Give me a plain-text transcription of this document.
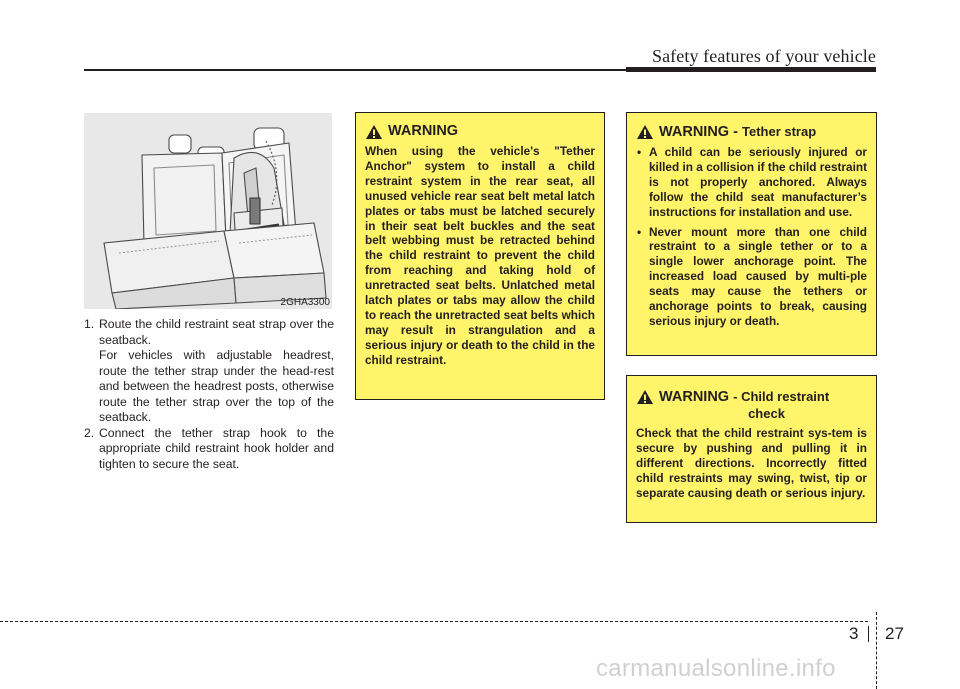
Safety features of your vehicle
2GHA3300
1. Route the child restraint seat strap over the seatback.
For vehicles with adjustable headrest, route the tether strap under the head-rest and between the headrest posts, otherwise route the tether strap over the top of the seatback.
2. Connect the tether strap hook to the appropriate child restraint hook holder and tighten to secure the seat.
WARNING
When using the vehicle's "Tether Anchor" system to install a child restraint system in the rear seat, all unused vehicle rear seat belt metal latch plates or tabs must be latched securely in their seat belt buckles and the seat belt webbing must be retracted behind the child restraint to prevent the child from reaching and taking hold of unretracted seat belts. Unlatched metal latch plates or tabs may allow the child to reach the unretracted seat belts which may result in strangulation and a serious injury or death to the child in the child restraint.
WARNING - Tether strap
• A child can be seriously injured or killed in a collision if the child restraint is not properly anchored. Always follow the child seat manufacturer’s instructions for installation and use.
• Never mount more than one child restraint to a single tether or to a single lower anchorage point. The increased load caused by multi-ple seats may cause the tethers or anchorage points to break, causing serious injury or death.
WARNING - Child restraint
check
Check that the child restraint sys-tem is secure by pushing and pulling it in different directions. Incorrectly fitted child restraints may swing, twist, tip or separate causing death or serious injury.
3 27
carmanualsonline.info
